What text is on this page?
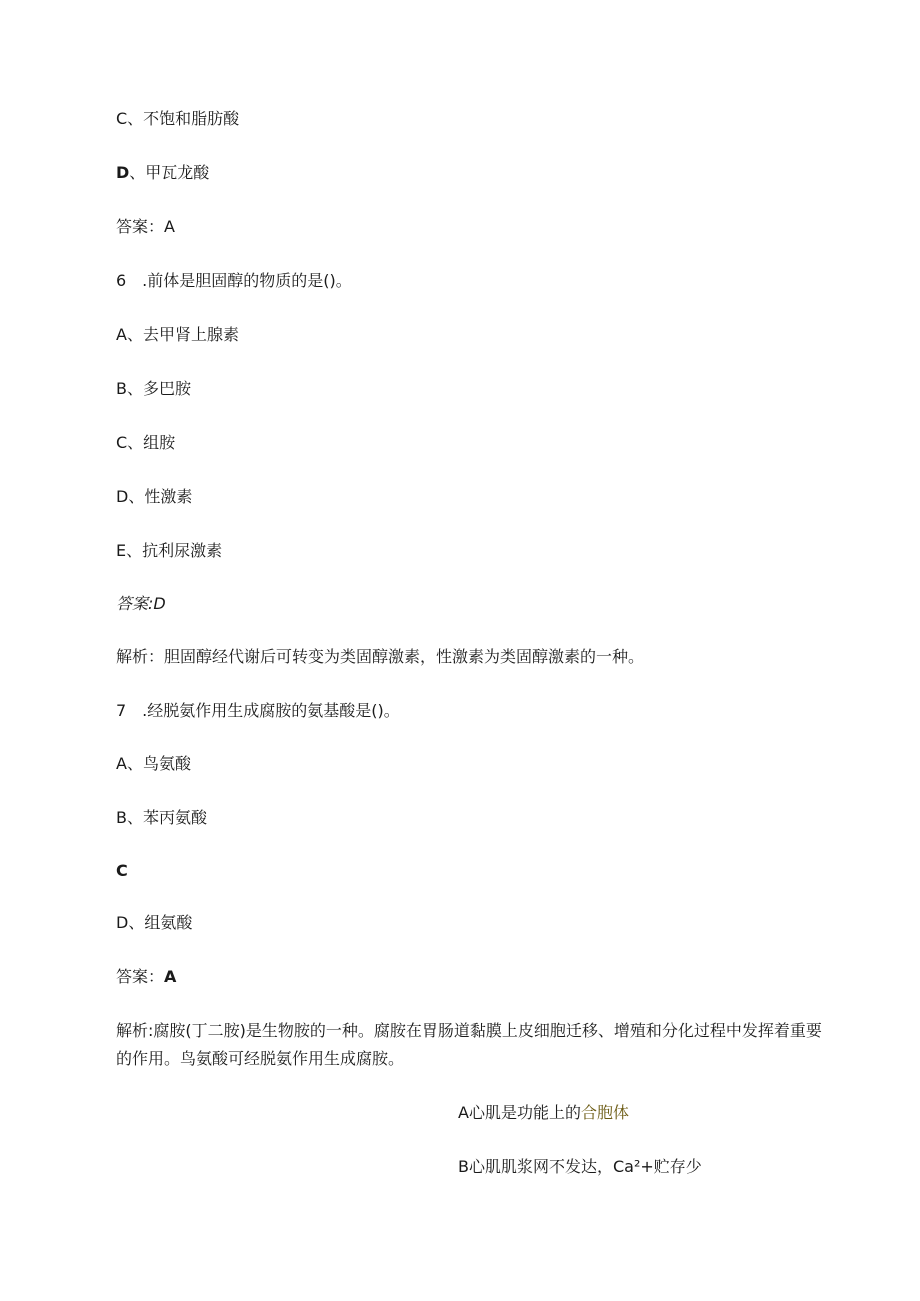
C、不饱和脂肪酸
D、甲瓦龙酸
答案：A
6　.前体是胆固醇的物质的是()。
A、去甲肾上腺素
B、多巴胺
C、组胺
D、性激素
E、抗利尿激素
答案:D
解析：胆固醇经代谢后可转变为类固醇激素，性激素为类固醇激素的一种。
7　.经脱氨作用生成腐胺的氨基酸是()。
A、鸟氨酸
B、苯丙氨酸
C
D、组氨酸
答案：A
解析:腐胺(丁二胺)是生物胺的一种。腐胺在胃肠道黏膜上皮细胞迁移、增殖和分化过程中发挥着重要的作用。鸟氨酸可经脱氨作用生成腐胺。
A心肌是功能上的合胞体
B心肌肌浆网不发达，Ca²+贮存少
